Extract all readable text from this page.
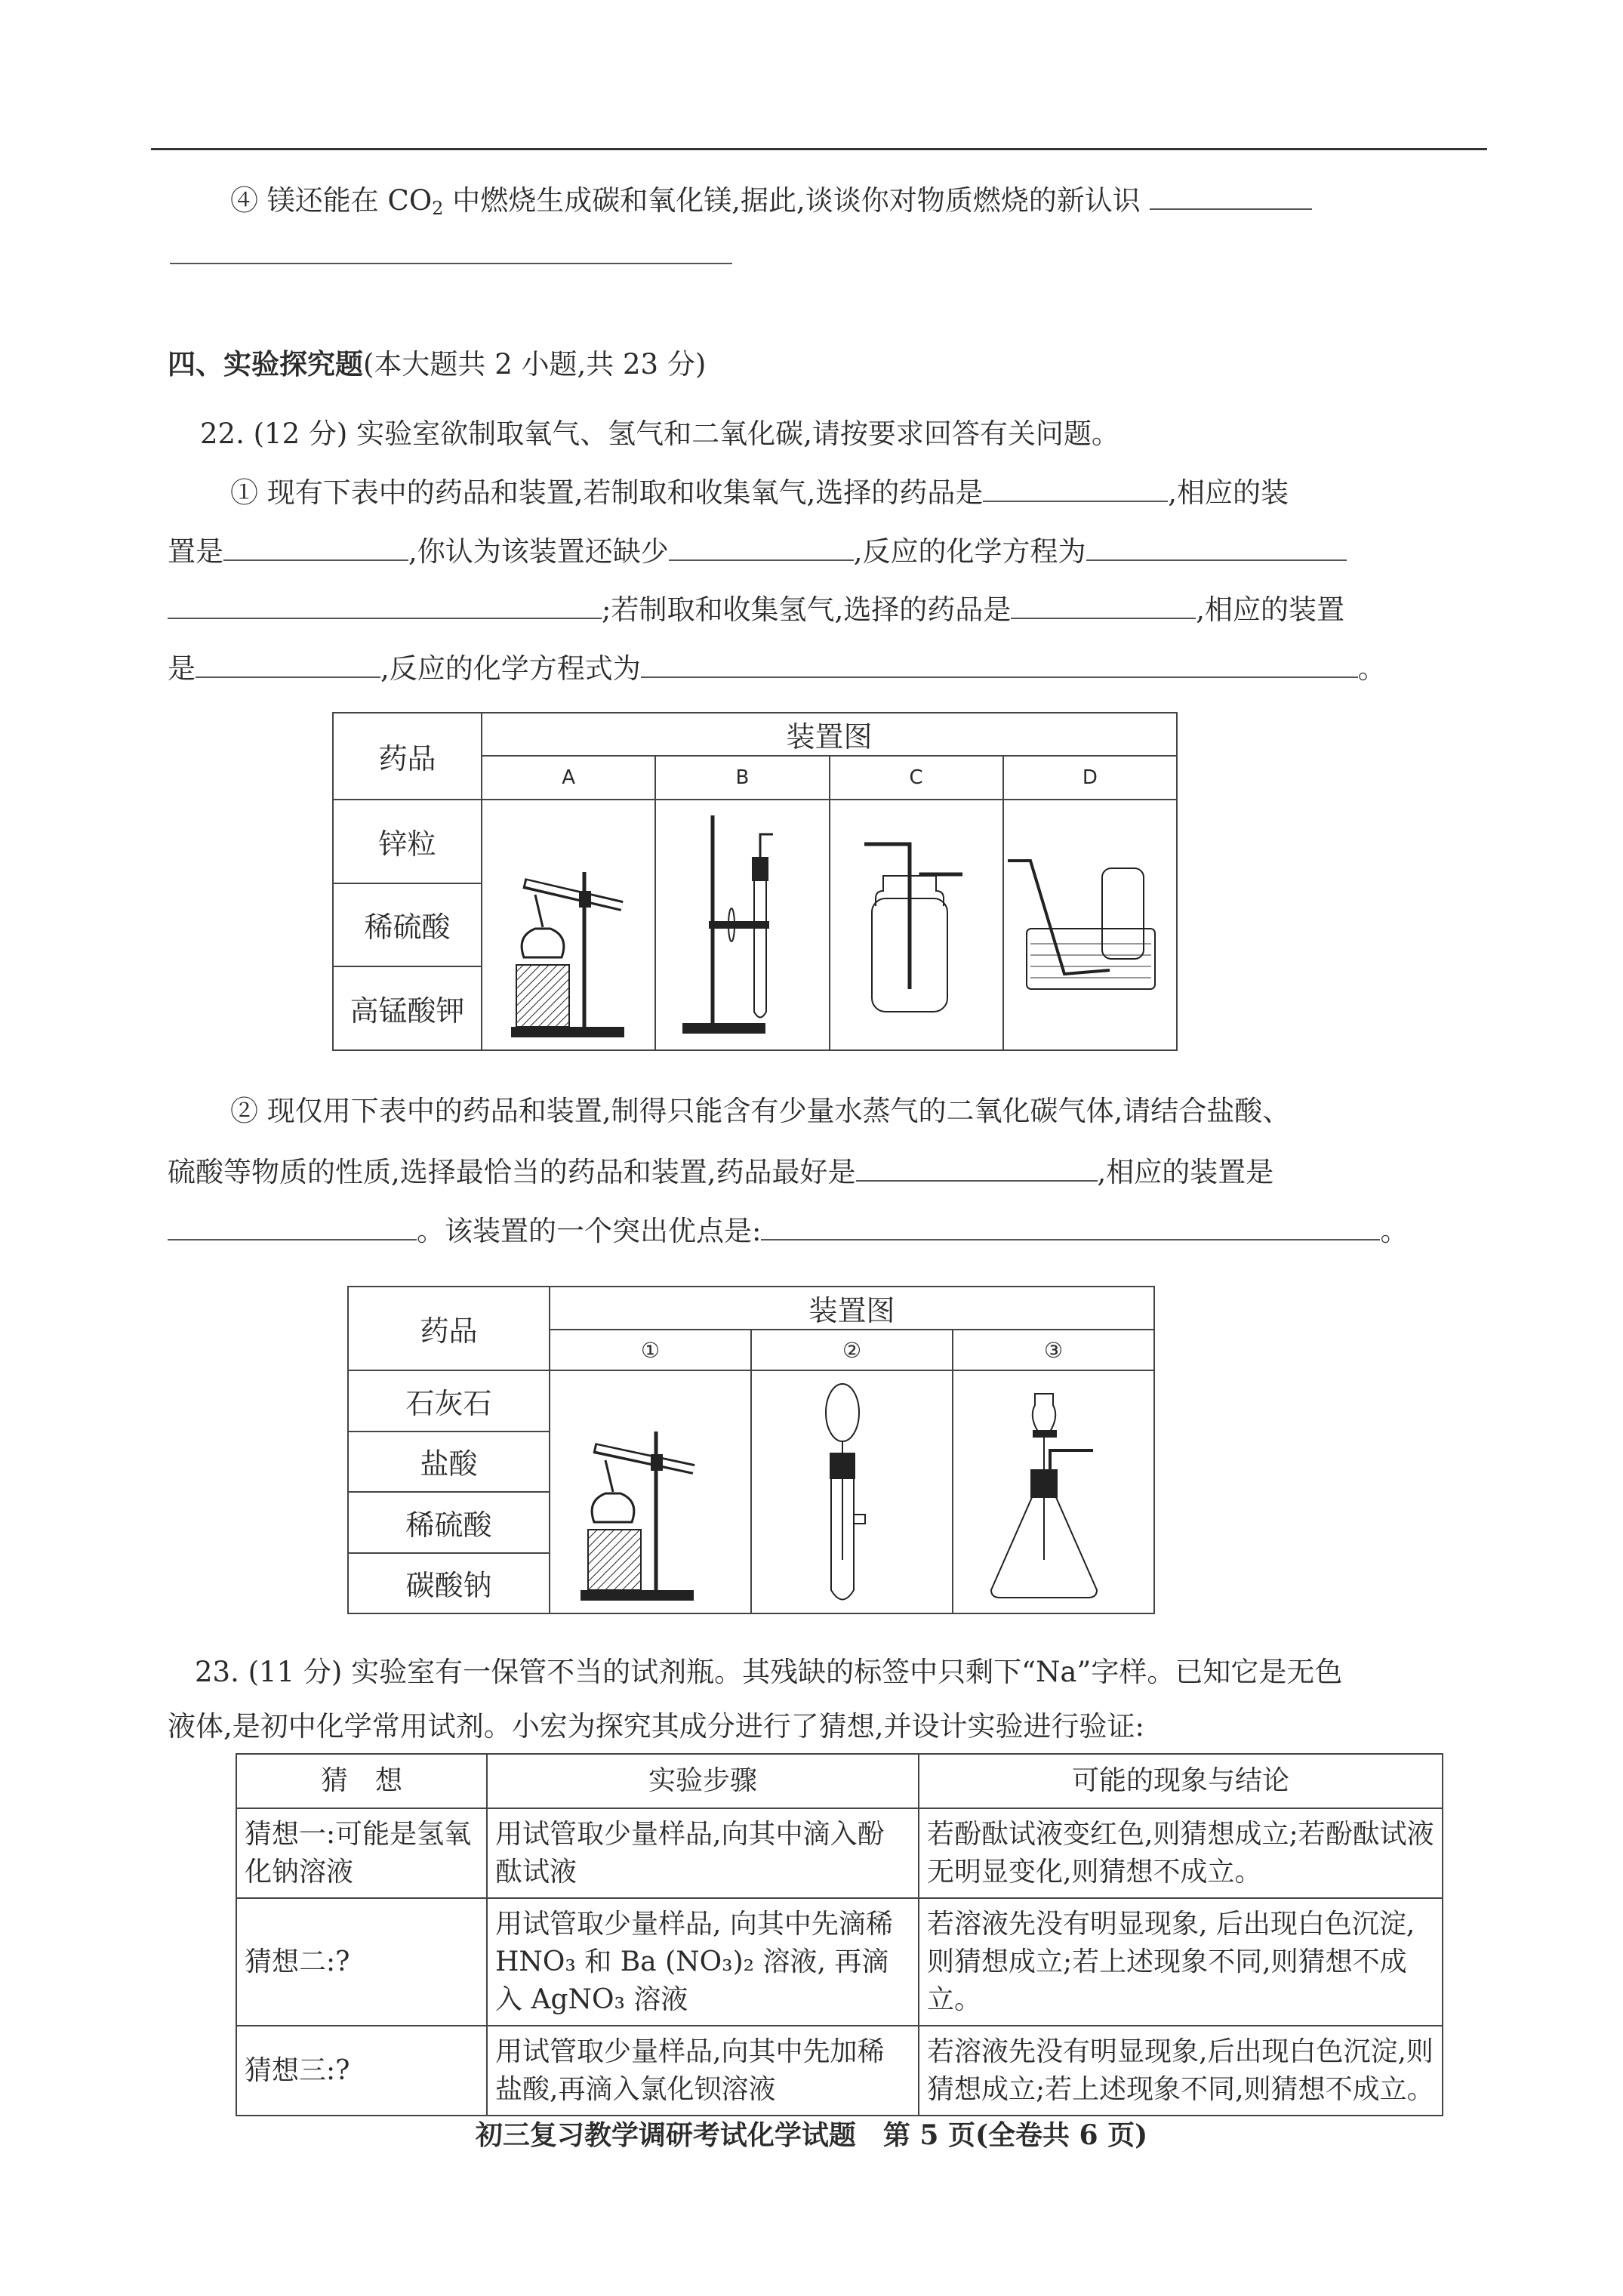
④ 镁还能在 $CO_2$ 中燃烧生成碳和氧化镁,据此,谈谈你对物质燃烧的新认识
四、实验探究题(本大题共 2 小题,共 23 分)
22. (12 分) 实验室欲制取氧气、氢气和二氧化碳,请按要求回答有关问题。
① 现有下表中的药品和装置,若制取和收集氧气,选择的药品是	,相应的装
置是	,你认为该装置还缺少	,反应的化学方程为
;若制取和收集氢气,选择的药品是	,相应的装置
是	,反应的化学方程式为	。
药品	装置图			
	A	B	C	D
锌粒	

稀硫酸				
高锰酸钾				
② 现仅用下表中的药品和装置,制得只能含有少量水蒸气的二氧化碳气体,请结合盐酸、
硫酸等物质的性质,选择最恰当的药品和装置,药品最好是	,相应的装置是
。该装置的一个突出优点是:	。
药品	装置图		
	①	②	③
石灰石	

盐酸			
稀硫酸			
碳酸钠			
23. (11 分) 实验室有一保管不当的试剂瓶。其残缺的标签中只剩下“Na”字样。已知它是无色
液体,是初中化学常用试剂。小宏为探究其成分进行了猜想,并设计实验进行验证:
猜　想	实验步骤	可能的现象与结论
猜想一:可能是氢氧化钠溶液	用试管取少量样品,向其中滴入酚酞试液	若酚酞试液变红色,则猜想成立;若酚酞试液无明显变化,则猜想不成立。
猜想二:?	用试管取少量样品, 向其中先滴稀 HNO₃ 和 Ba (NO₃)₂ 溶液, 再滴入 AgNO₃ 溶液	若溶液先没有明显现象, 后出现白色沉淀,则猜想成立;若上述现象不同,则猜想不成立。
猜想三:?	用试管取少量样品,向其中先加稀盐酸,再滴入氯化钡溶液	若溶液先没有明显现象,后出现白色沉淀,则猜想成立;若上述现象不同,则猜想不成立。
初三复习教学调研考试化学试题　第 5 页(全卷共 6 页)
